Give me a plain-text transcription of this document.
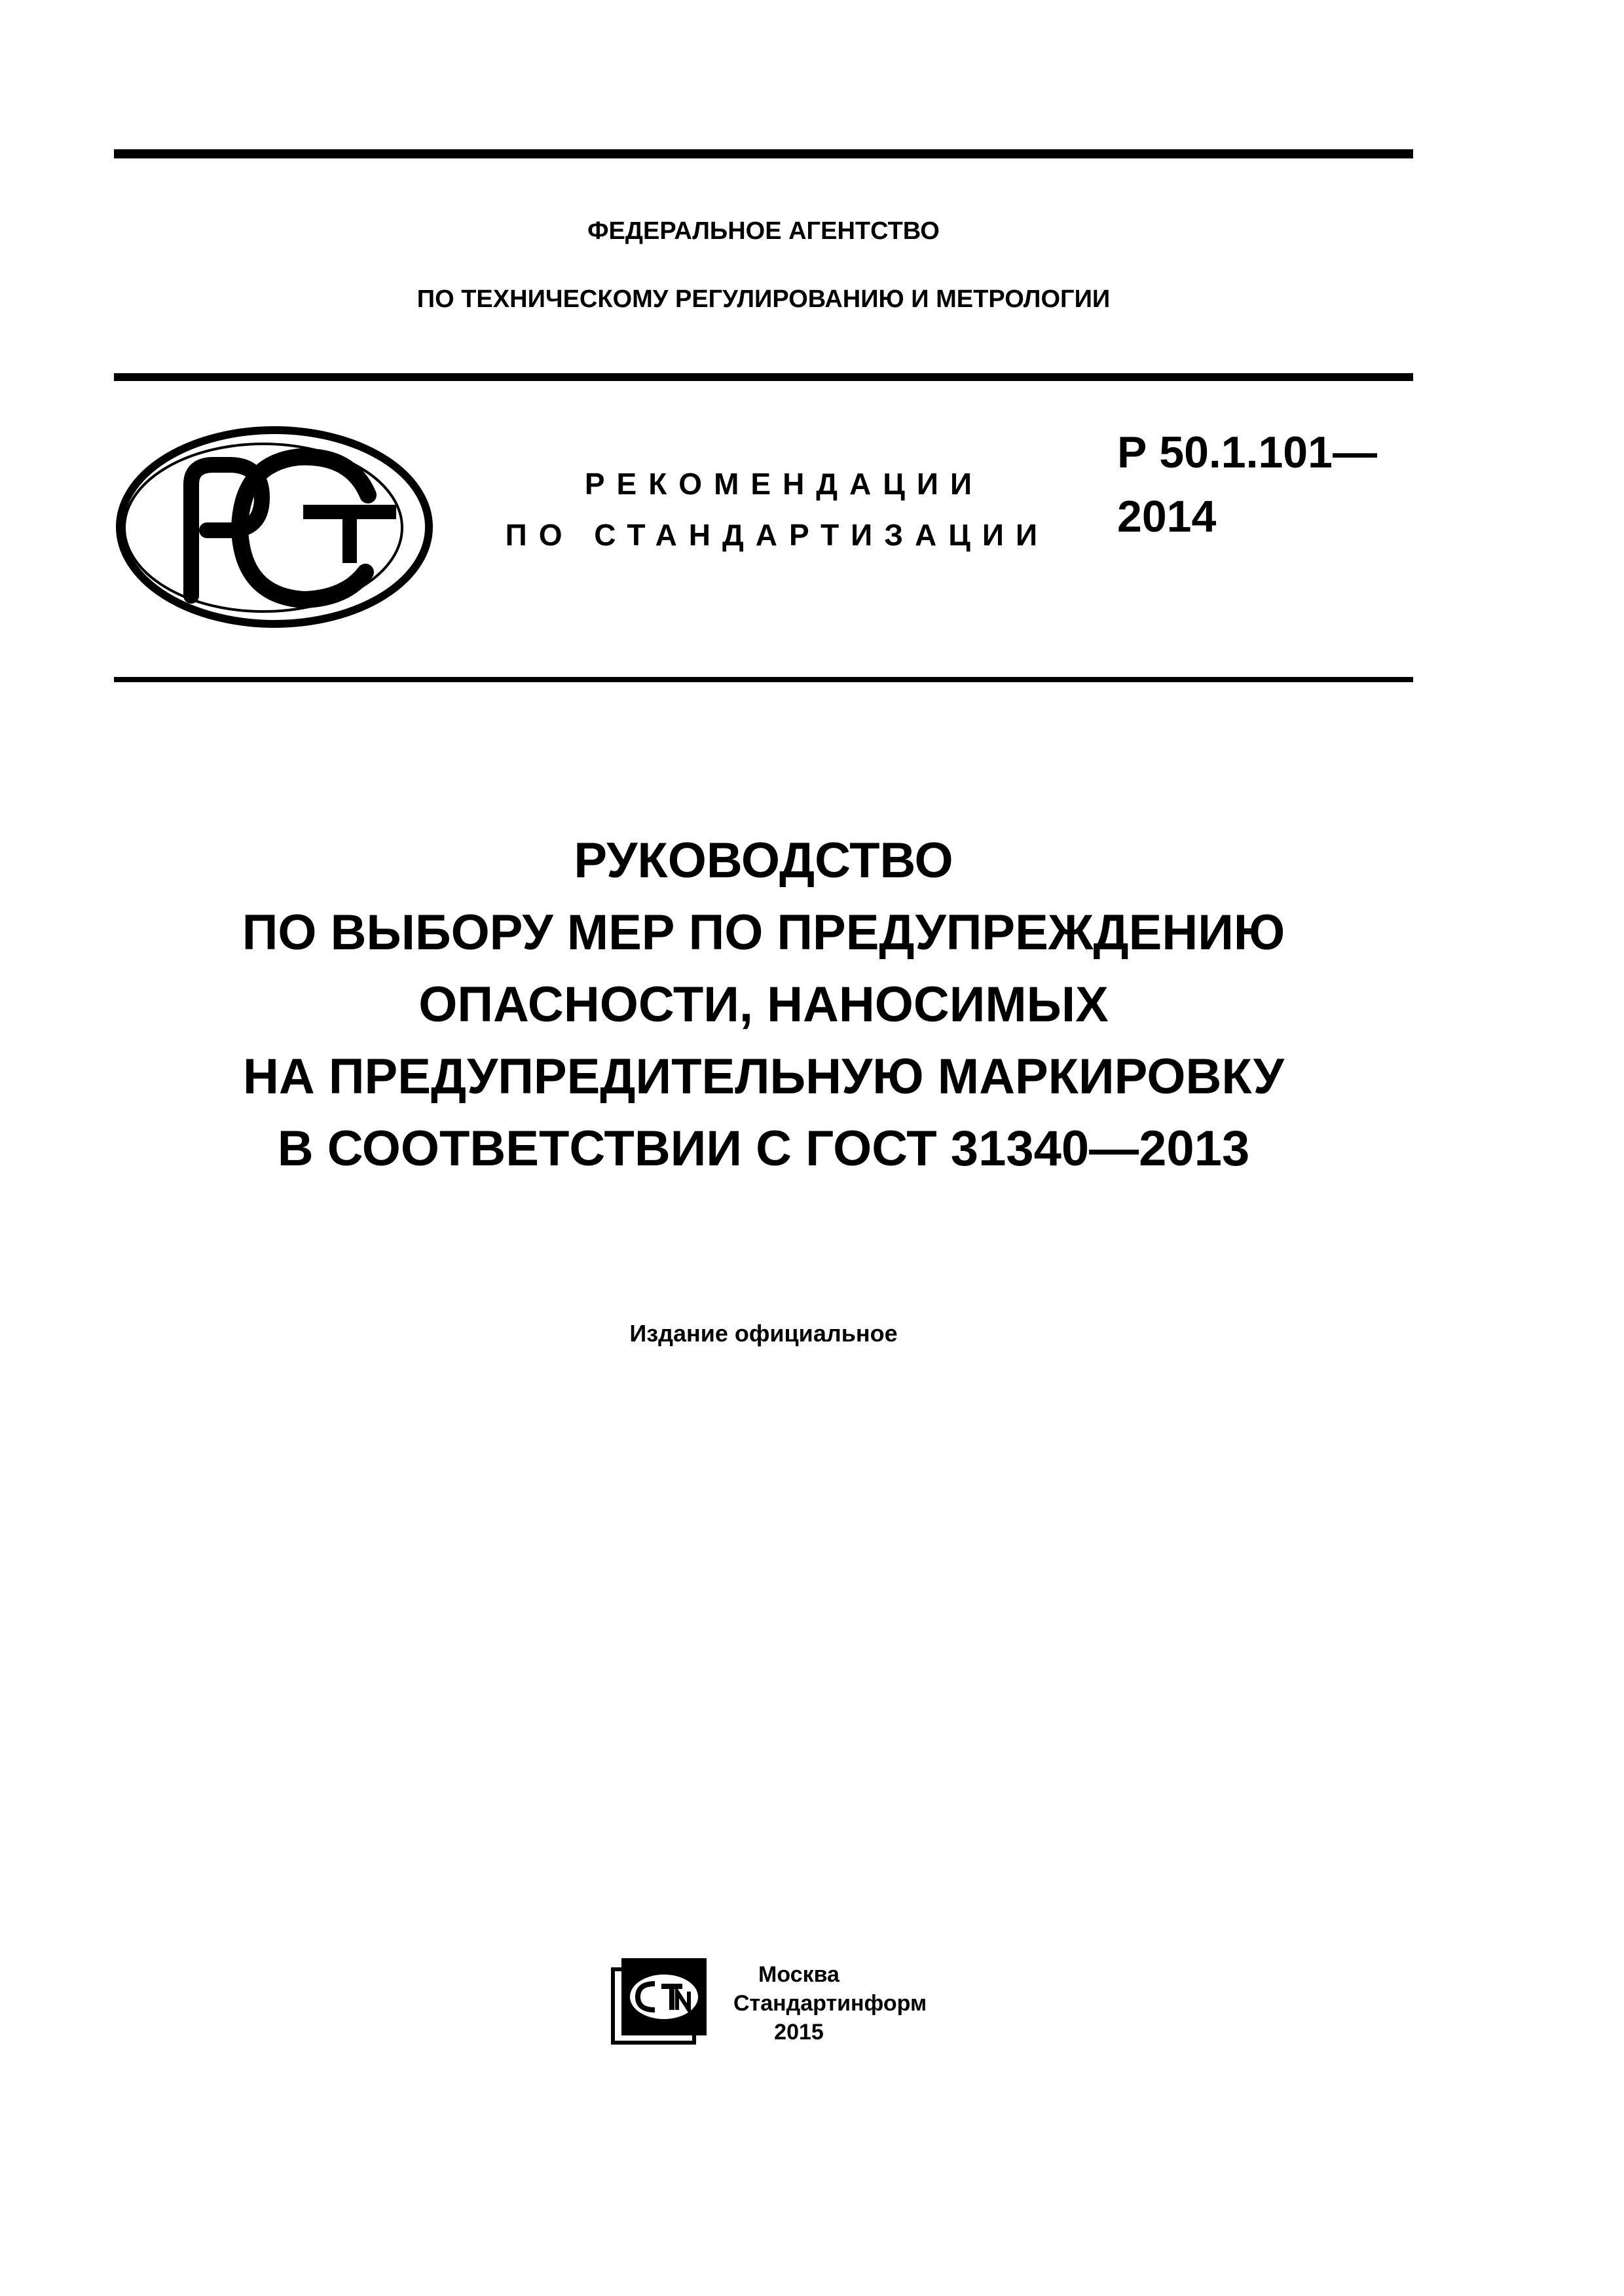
ФЕДЕРАЛЬНОЕ АГЕНТСТВО
ПО ТЕХНИЧЕСКОМУ РЕГУЛИРОВАНИЮ И МЕТРОЛОГИИ
РЕКОМЕНДАЦИИ
ПО СТАНДАРТИЗАЦИИ
Р 50.1.101—
2014
РУКОВОДСТВО
ПО ВЫБОРУ МЕР ПО ПРЕДУПРЕЖДЕНИЮ
ОПАСНОСТИ, НАНОСИМЫХ
НА ПРЕДУПРЕДИТЕЛЬНУЮ МАРКИРОВКУ
В СООТВЕТСТВИИ С ГОСТ 31340—2013
Издание официальное
Москва
Стандартинформ
2015
